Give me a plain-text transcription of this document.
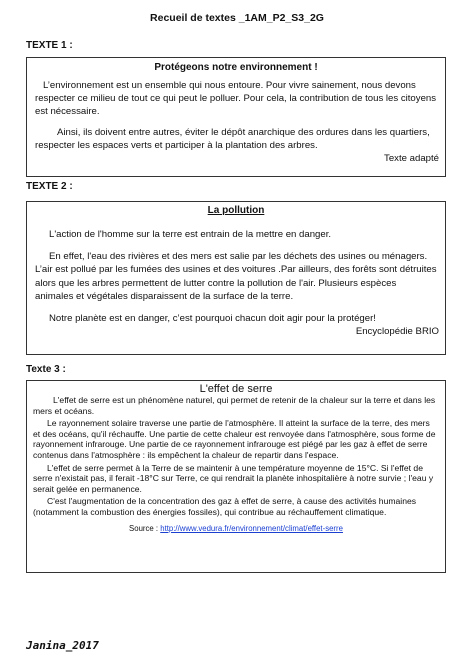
Recueil de textes _1AM_P2_S3_2G
TEXTE 1 :
Protégeons notre environnement !
L’environnement est un ensemble qui nous entoure. Pour vivre sainement, nous devons respecter ce milieu de tout ce qui peut le polluer. Pour cela, la contribution de tous les citoyens est nécessaire.
Ainsi, ils doivent entre autres, éviter le dépôt anarchique des ordures dans les quartiers, respecter les espaces verts et participer à la plantation des arbres.
Texte adapté
TEXTE 2 :
La pollution
L'action de l'homme sur la terre est entrain de la mettre en danger.
En effet, l'eau des rivières et des mers est salie par les déchets des usines ou ménagers. L’air est pollué par les fumées des usines et des voitures .Par ailleurs, des forêts sont détruites alors que les arbres permettent de lutter contre la pollution de l'air. Plusieurs espèces animales et végétales disparaissent de la surface de la terre.
Notre planète est en danger, c’est pourquoi chacun doit agir pour la protéger!
Encyclopédie BRIO
Texte 3 :
L'effet de serre
L'effet de serre est un phénomène naturel, qui permet de retenir de la chaleur sur la terre et dans les mers et océans.
Le rayonnement solaire traverse une partie de l'atmosphère. Il atteint la surface de la terre, des mers et des océans, qu'il réchauffe. Une partie de cette chaleur est renvoyée dans l'atmosphère, sous forme de rayonnement infrarouge. Une partie de ce rayonnement infrarouge est piégé par les gaz à effet de serre contenus dans l'atmosphère : ils empêchent la chaleur de repartir dans l'espace.
L'effet de serre permet à la Terre de se maintenir à une température moyenne de 15°C. Si l'effet de serre n'existait pas, il ferait -18°C sur Terre, ce qui rendrait la planète inhospitalière à notre survie ; l'eau y serait gelée en permanence.
C'est l'augmentation de la concentration des gaz à effet de serre, à cause des activités humaines (notamment la combustion des énergies fossiles), qui contribue au réchauffement climatique.
Source : http://www.vedura.fr/environnement/climat/effet-serre
Janina_2017
